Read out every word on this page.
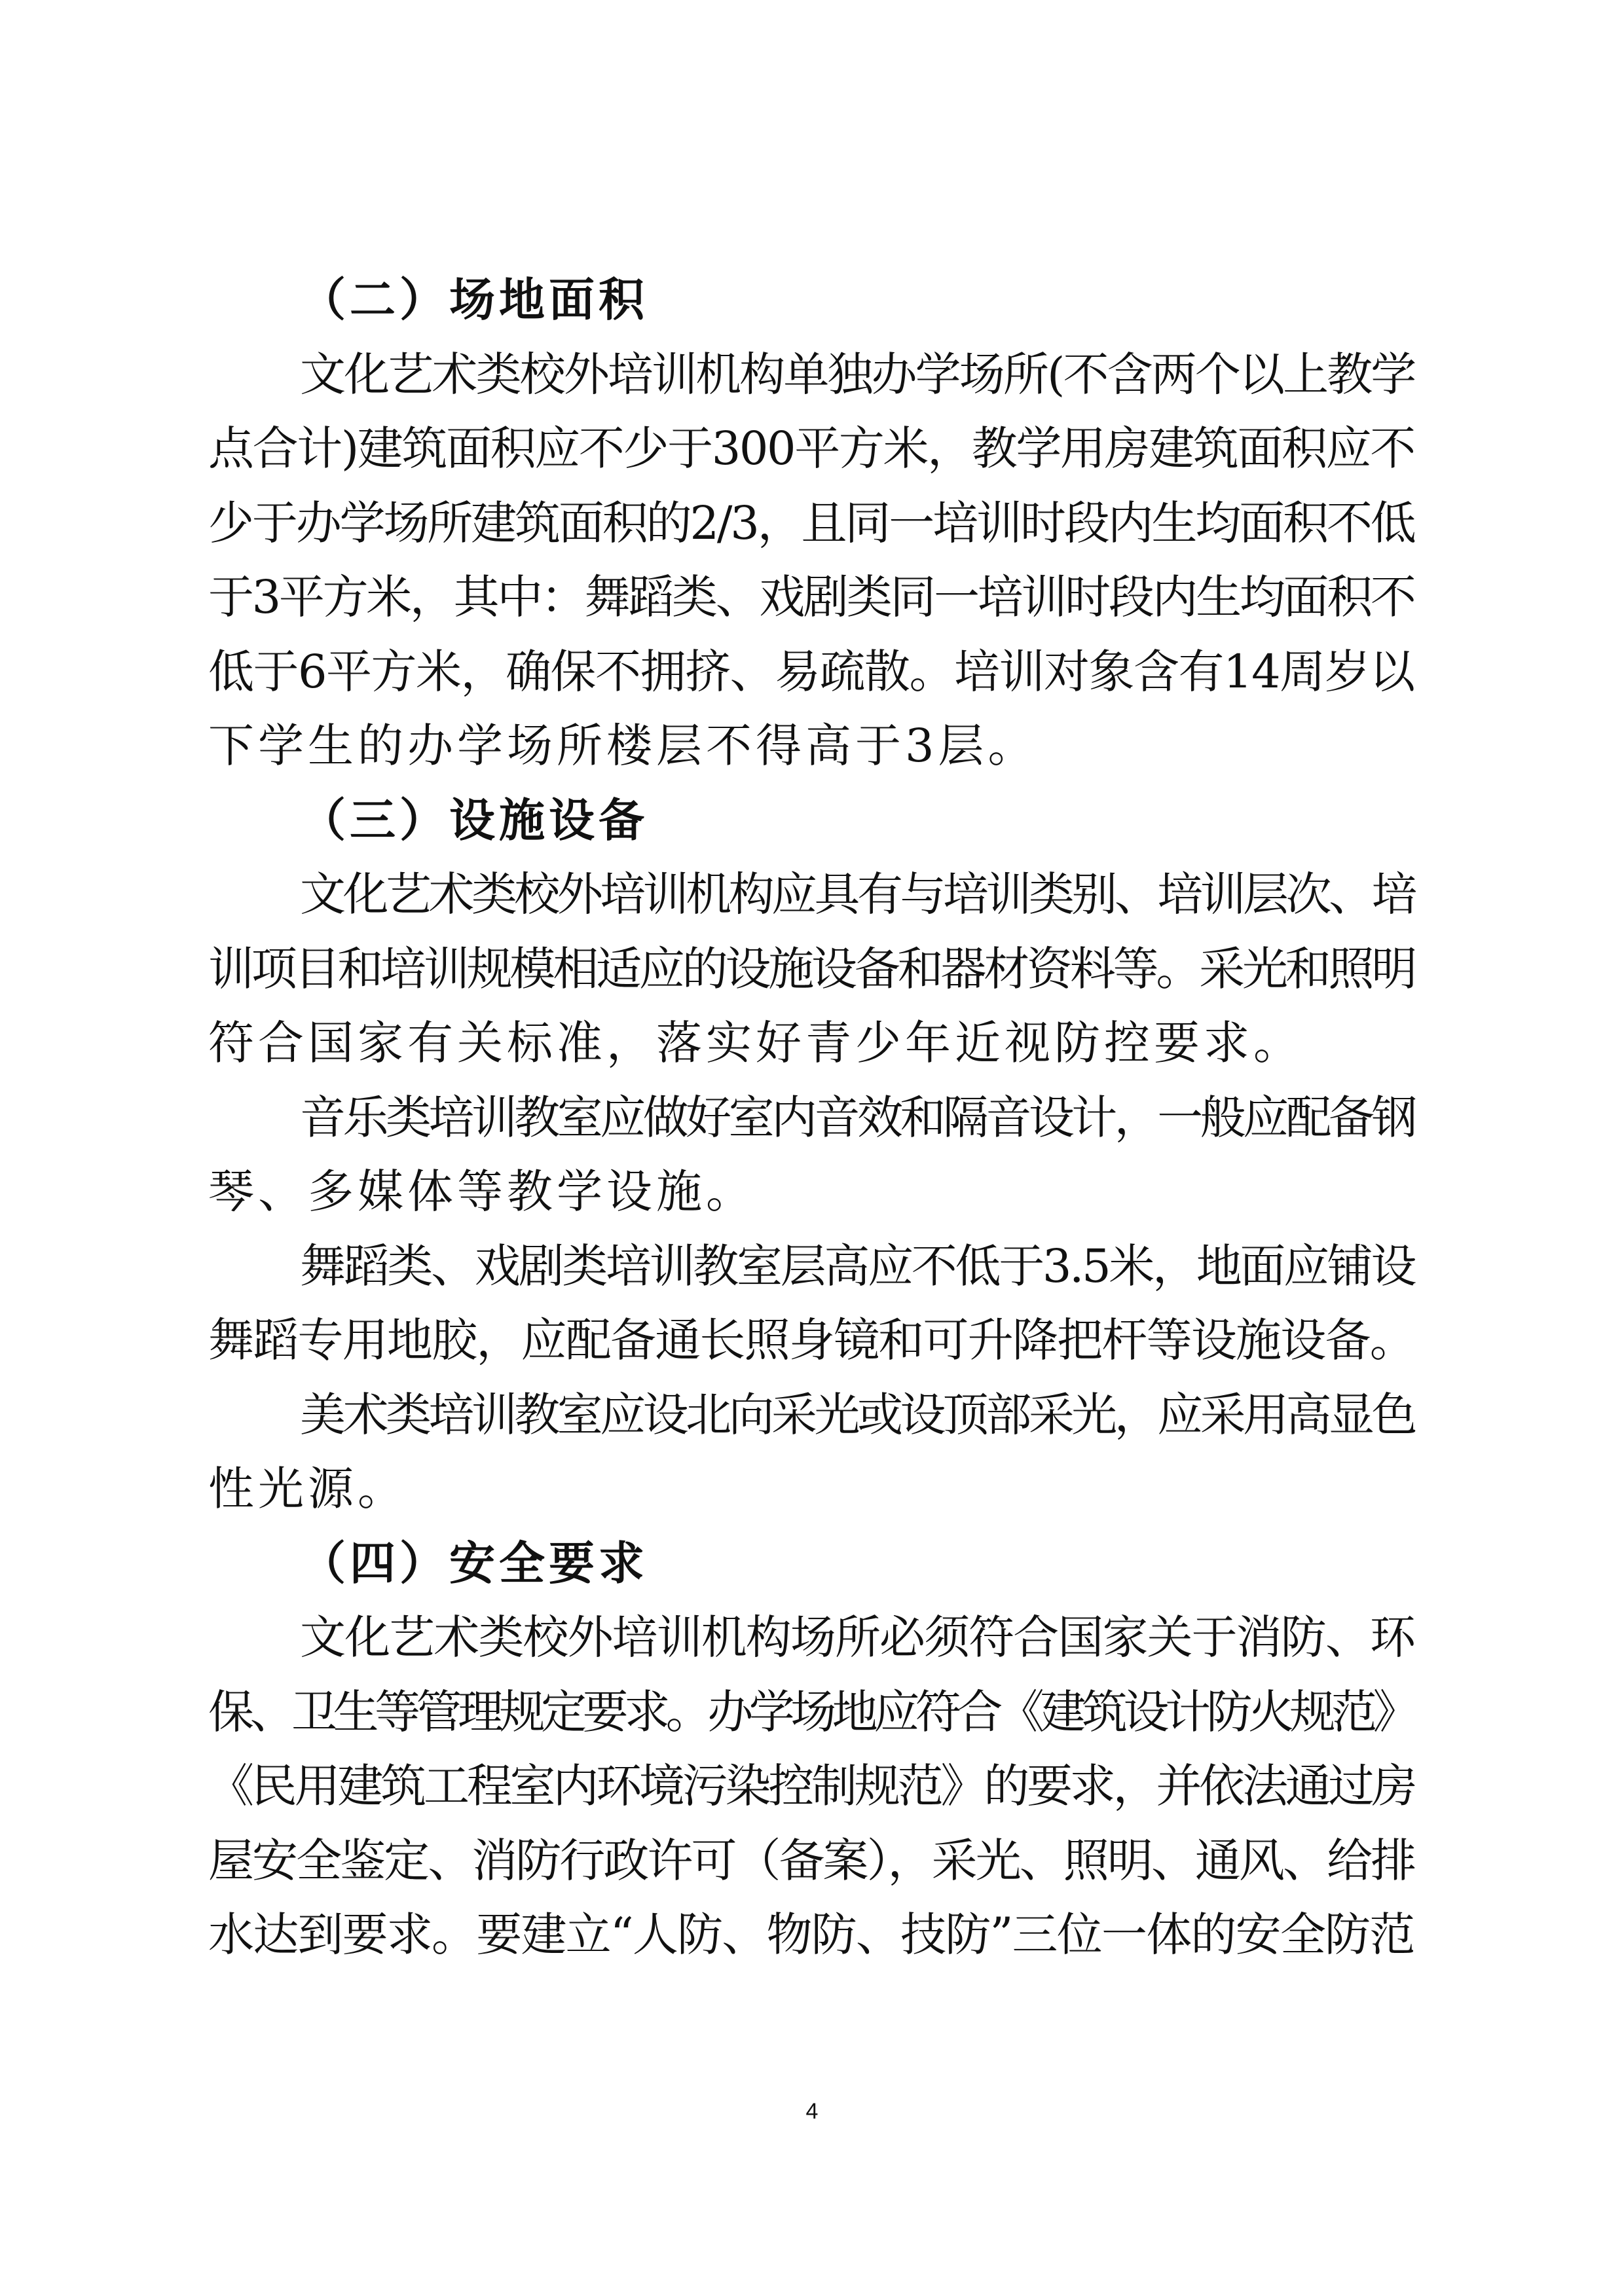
（二）场地面积
文化艺术类校外培训机构单独办学场所(不含两个以上教学
点合计)建筑面积应不少于300平方米，教学用房建筑面积应不
少于办学场所建筑面积的2/3，且同一培训时段内生均面积不低
于3平方米，其中：舞蹈类、戏剧类同一培训时段内生均面积不
低于6平方米，确保不拥挤、易疏散。培训对象含有14周岁以
下学生的办学场所楼层不得高于3层。
（三）设施设备
文化艺术类校外培训机构应具有与培训类别、培训层次、培
训项目和培训规模相适应的设施设备和器材资料等。采光和照明
符合国家有关标准，落实好青少年近视防控要求。
音乐类培训教室应做好室内音效和隔音设计，一般应配备钢
琴、多媒体等教学设施。
舞蹈类、戏剧类培训教室层高应不低于3.5米，地面应铺设
舞蹈专用地胶，应配备通长照身镜和可升降把杆等设施设备。
美术类培训教室应设北向采光或设顶部采光，应采用高显色
性光源。
（四）安全要求
文化艺术类校外培训机构场所必须符合国家关于消防、环
保、卫生等管理规定要求。办学场地应符合《建筑设计防火规范》
《民用建筑工程室内环境污染控制规范》的要求，并依法通过房
屋安全鉴定、消防行政许可（备案），采光、照明、通风、给排
水达到要求。要建立“人防、物防、技防”三位一体的安全防范
4
